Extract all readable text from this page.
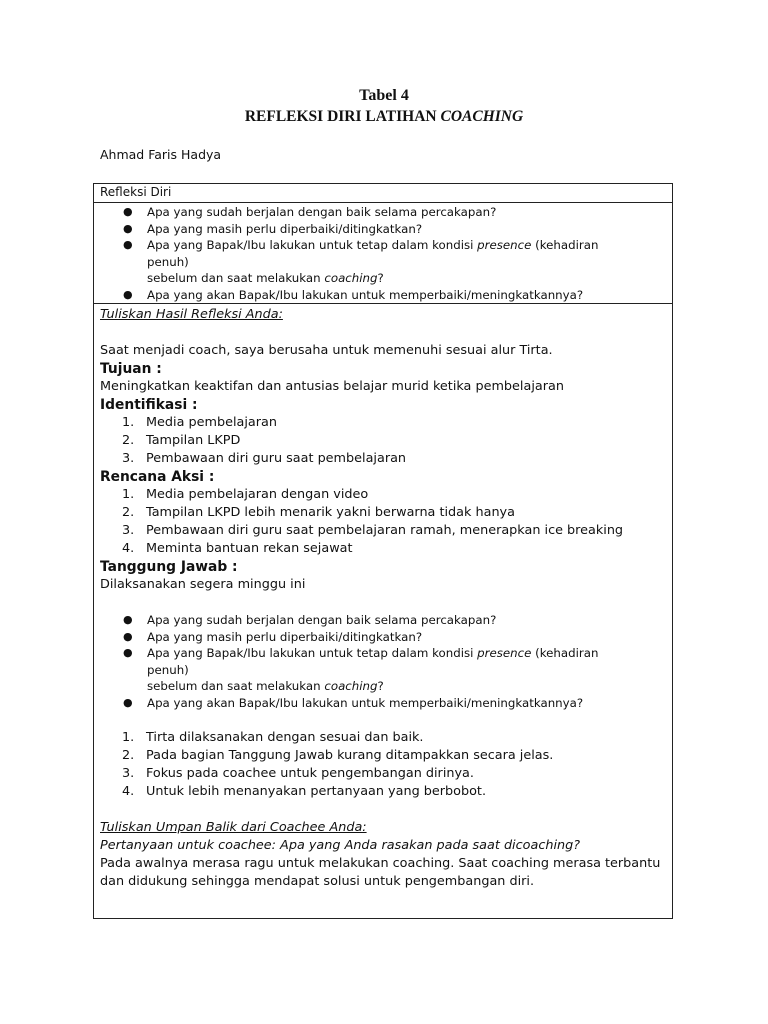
Tabel 4
REFLEKSI DIRI LATIHAN COACHING
Ahmad Faris Hadya
Refleksi Diri
● Apa yang sudah berjalan dengan baik selama percakapan?
● Apa yang masih perlu diperbaiki/ditingkatkan?
● Apa yang Bapak/Ibu lakukan untuk tetap dalam kondisi presence (kehadiran penuh)
sebelum dan saat melakukan coaching?
● Apa yang akan Bapak/Ibu lakukan untuk memperbaiki/meningkatkannya?

Tuliskan Hasil Refleksi Anda:

Saat menjadi coach, saya berusaha untuk memenuhi sesuai alur Tirta.

Tujuan :

Meningkatkan keaktifan dan antusias belajar murid ketika pembelajaran

Identifikasi :

1. Media pembelajaran
2. Tampilan LKPD
3. Pembawaan diri guru saat pembelajaran

Rencana Aksi :

1. Media pembelajaran dengan video
2. Tampilan LKPD lebih menarik yakni berwarna tidak hanya
3. Pembawaan diri guru saat pembelajaran ramah, menerapkan ice breaking
4. Meminta bantuan rekan sejawat

Tanggung Jawab :

Dilaksanakan segera minggu ini

● Apa yang sudah berjalan dengan baik selama percakapan?
● Apa yang masih perlu diperbaiki/ditingkatkan?
● Apa yang Bapak/Ibu lakukan untuk tetap dalam kondisi presence (kehadiran penuh)
sebelum dan saat melakukan coaching?
● Apa yang akan Bapak/Ibu lakukan untuk memperbaiki/meningkatkannya?
1. Tirta dilaksanakan dengan sesuai dan baik.
2. Pada bagian Tanggung Jawab kurang ditampakkan secara jelas.
3. Fokus pada coachee untuk pengembangan dirinya.
4. Untuk lebih menanyakan pertanyaan yang berbobot.

Tuliskan Umpan Balik dari Coachee Anda:

Pertanyaan untuk coachee: Apa yang Anda rasakan pada saat dicoaching?

Pada awalnya merasa ragu untuk melakukan coaching. Saat coaching merasa terbantu

dan didukung sehingga mendapat solusi untuk pengembangan diri.
